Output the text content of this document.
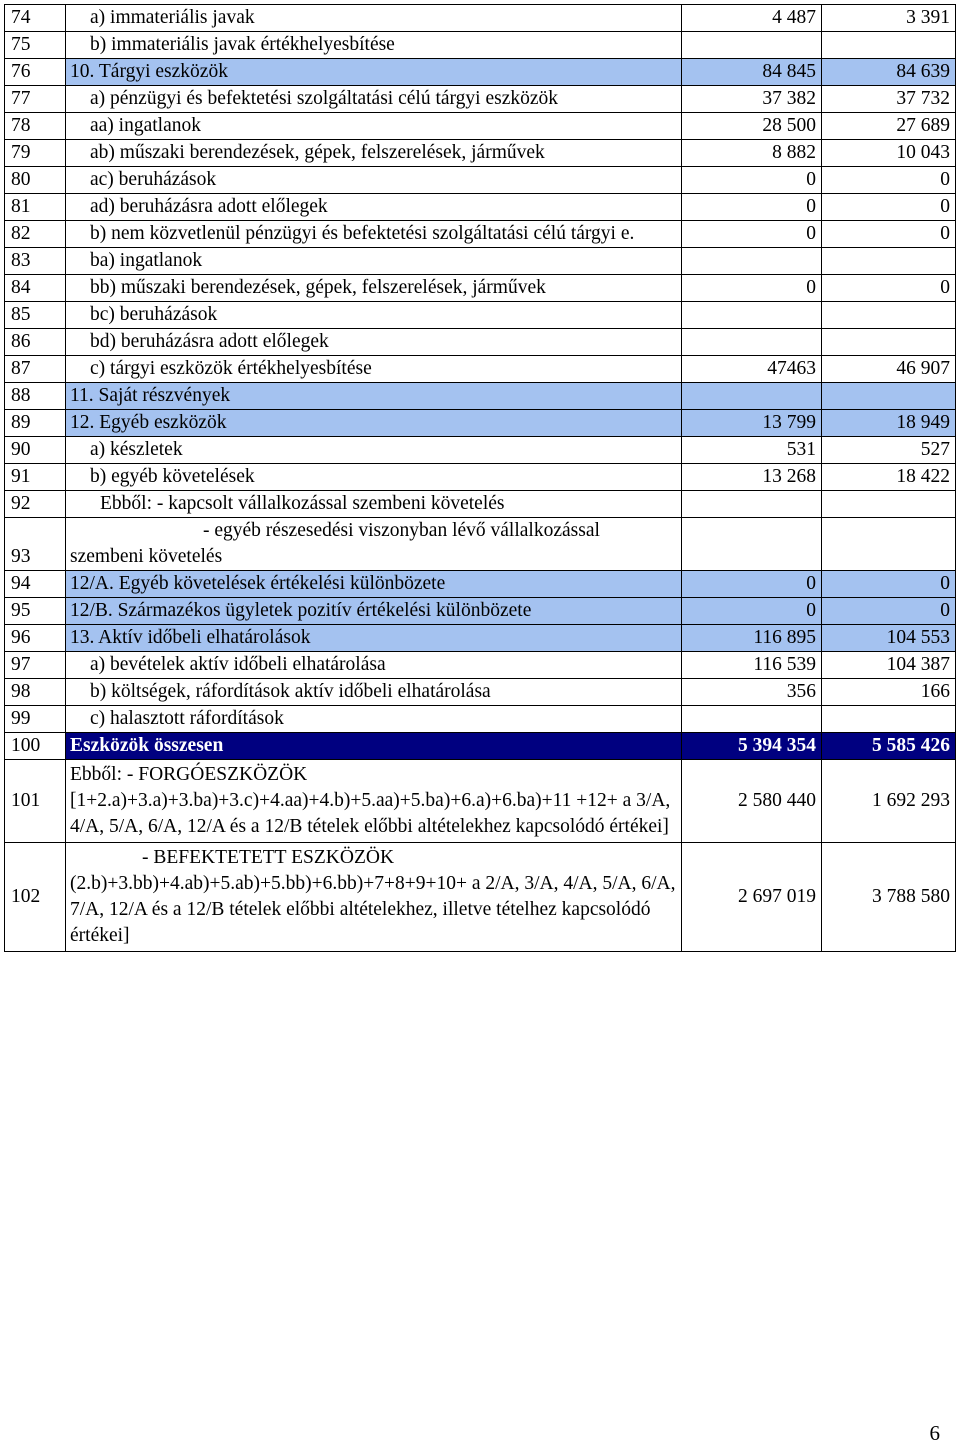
74	a) immateriális javak	4 487	3 391
75	b) immateriális javak értékhelyesbítése		
76	10. Tárgyi eszközök	84 845	84 639
77	a) pénzügyi és befektetési szolgáltatási célú tárgyi eszközök	37 382	37 732
78	aa) ingatlanok	28 500	27 689
79	ab) műszaki berendezések, gépek, felszerelések, járművek	8 882	10 043
80	ac) beruházások	0	0
81	ad) beruházásra adott előlegek	0	0
82	b) nem közvetlenül pénzügyi és befektetési szolgáltatási célú tárgyi e.	0	0
83	ba) ingatlanok		
84	bb) műszaki berendezések, gépek, felszerelések, járművek	0	0
85	bc) beruházások		
86	bd) beruházásra adott előlegek		
87	c) tárgyi eszközök értékhelyesbítése	47463	46 907
88	11. Saját részvények		
89	12. Egyéb eszközök	13 799	18 949
90	a) készletek	531	527
91	b) egyéb követelések	13 268	18 422
92	Ebből: - kapcsolt vállalkozással szembeni követelés		
93	- egyéb részesedési viszonyban lévő vállalkozással
szembeni követelés		
94	12/A. Egyéb követelések értékelési különbözete	0	0
95	12/B. Származékos ügyletek pozitív értékelési különbözete	0	0
96	13. Aktív időbeli elhatárolások	116 895	104 553
97	a) bevételek aktív időbeli elhatárolása	116 539	104 387
98	b) költségek, ráfordítások aktív időbeli elhatárolása	356	166
99	c) halasztott ráfordítások		
100	Eszközök összesen	5 394 354	5 585 426
101	Ebből: - FORGÓESZKÖZÖK
[1+2.a)+3.a)+3.ba)+3.c)+4.aa)+4.b)+5.aa)+5.ba)+6.a)+6.ba)+11 +12+ a 3/A, 4/A, 5/A, 6/A, 12/A és a 12/B tételek előbbi altételekhez kapcsolódó értékei]	2 580 440	1 692 293
102	- BEFEKTETETT ESZKÖZÖK
(2.b)+3.bb)+4.ab)+5.ab)+5.bb)+6.bb)+7+8+9+10+ a 2/A, 3/A, 4/A, 5/A, 6/A, 7/A, 12/A és a 12/B tételek előbbi altételekhez, illetve tételhez kapcsolódó értékei]	2 697 019	3 788 580
6
